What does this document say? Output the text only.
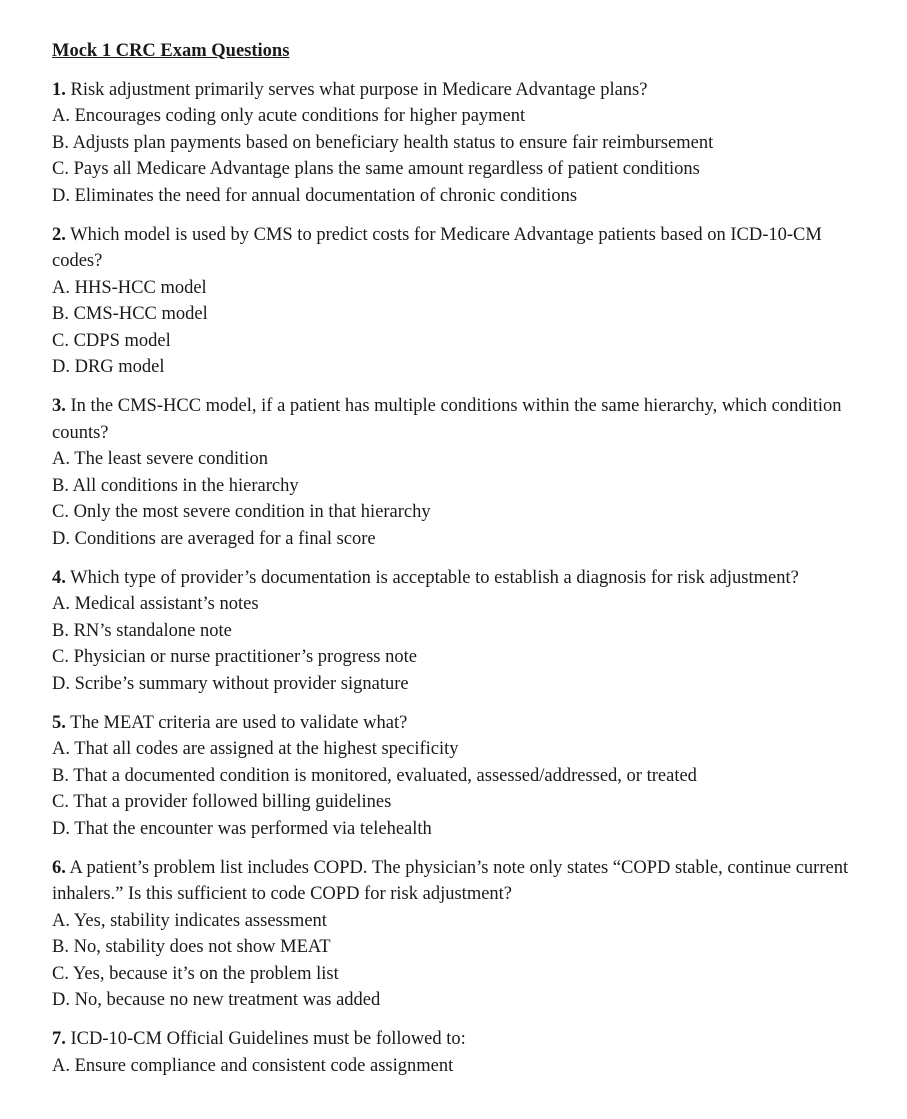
Mock 1 CRC Exam Questions

1. Risk adjustment primarily serves what purpose in Medicare Advantage plans?

A. Encourages coding only acute conditions for higher payment

B. Adjusts plan payments based on beneficiary health status to ensure fair reimbursement

C. Pays all Medicare Advantage plans the same amount regardless of patient conditions

D. Eliminates the need for annual documentation of chronic conditions

2. Which model is used by CMS to predict costs for Medicare Advantage patients based on ICD-10-CM codes?

A. HHS-HCC model

B. CMS-HCC model

C. CDPS model

D. DRG model

3. In the CMS-HCC model, if a patient has multiple conditions within the same hierarchy, which condition counts?

A. The least severe condition

B. All conditions in the hierarchy

C. Only the most severe condition in that hierarchy

D. Conditions are averaged for a final score

4. Which type of provider’s documentation is acceptable to establish a diagnosis for risk adjustment?

A. Medical assistant’s notes

B. RN’s standalone note

C. Physician or nurse practitioner’s progress note

D. Scribe’s summary without provider signature

5. The MEAT criteria are used to validate what?

A. That all codes are assigned at the highest specificity

B. That a documented condition is monitored, evaluated, assessed/addressed, or treated

C. That a provider followed billing guidelines

D. That the encounter was performed via telehealth

6. A patient’s problem list includes COPD. The physician’s note only states “COPD stable, continue current inhalers.” Is this sufficient to code COPD for risk adjustment?

A. Yes, stability indicates assessment

B. No, stability does not show MEAT

C. Yes, because it’s on the problem list

D. No, because no new treatment was added

7. ICD-10-CM Official Guidelines must be followed to:

A. Ensure compliance and consistent code assignment
